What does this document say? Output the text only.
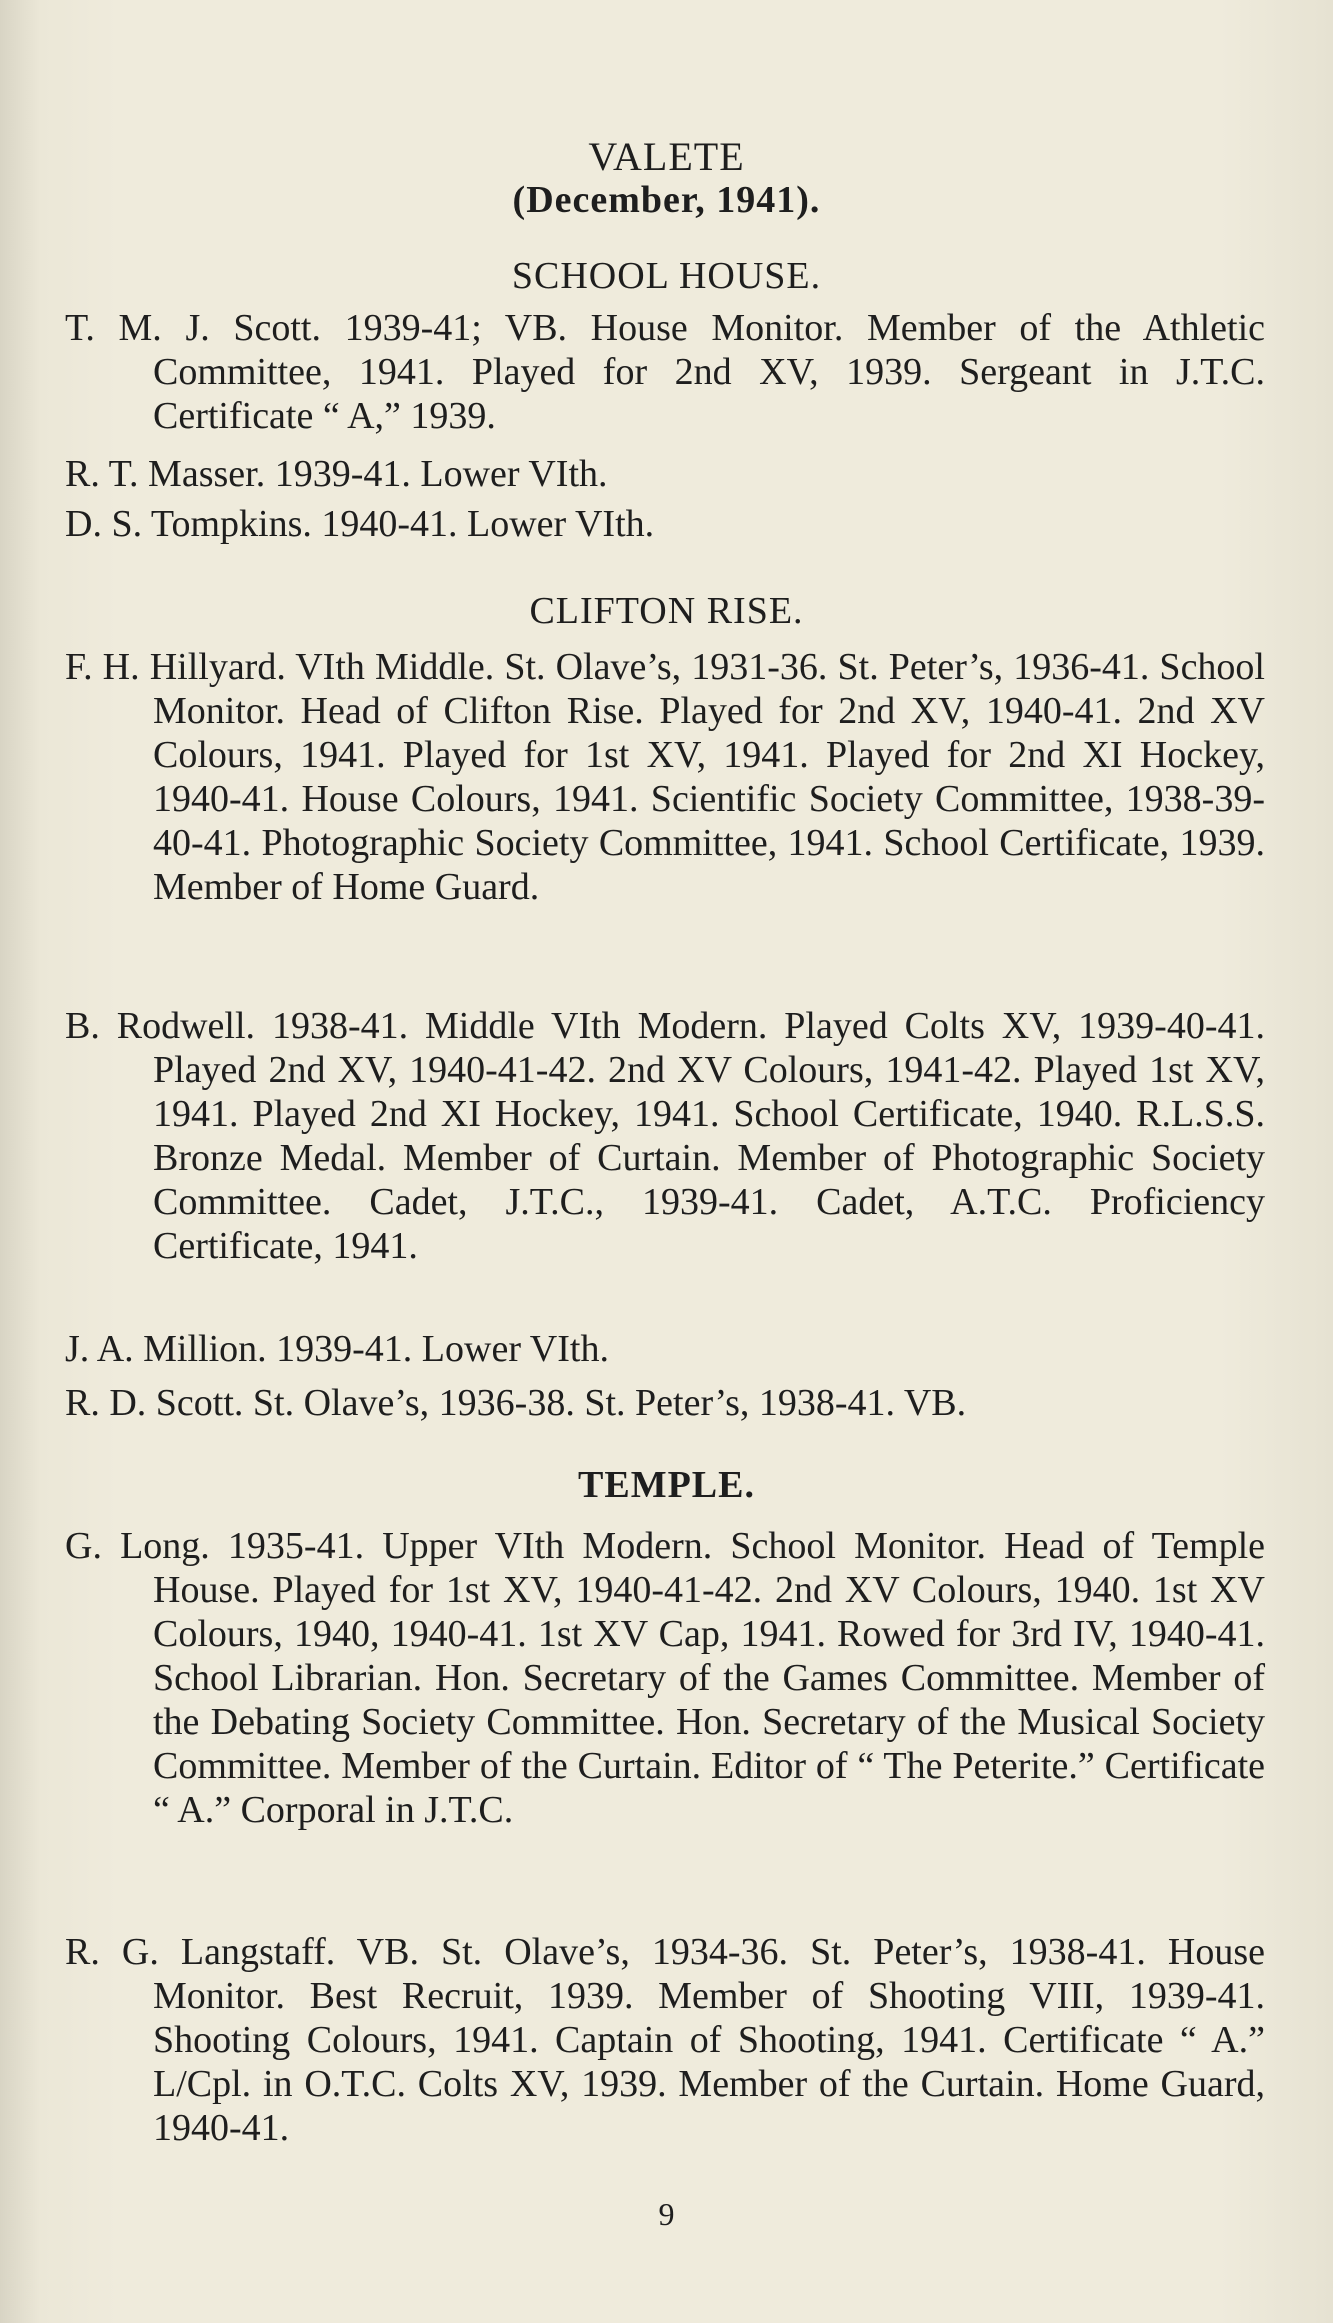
VALETE
(December, 1941).
SCHOOL HOUSE.
T. M. J. Scott. 1939-41; VB. House Monitor. Member of the Athletic Committee, 1941. Played for 2nd XV, 1939. Sergeant in J.T.C. Certificate “ A,” 1939.
R. T. Masser. 1939-41. Lower VIth.
D. S. Tompkins. 1940-41. Lower VIth.
CLIFTON RISE.
F. H. Hillyard. VIth Middle. St. Olave’s, 1931-36. St. Peter’s, 1936-41. School Monitor. Head of Clifton Rise. Played for 2nd XV, 1940-41. 2nd XV Colours, 1941. Played for 1st XV, 1941. Played for 2nd XI Hockey, 1940-41. House Colours, 1941. Scientific Society Committee, 1938-39-40-41. Photographic Society Committee, 1941. School Certificate, 1939. Member of Home Guard.
B. Rodwell. 1938-41. Middle VIth Modern. Played Colts XV, 1939-40-41. Played 2nd XV, 1940-41-42. 2nd XV Colours, 1941-42. Played 1st XV, 1941. Played 2nd XI Hockey, 1941. School Certificate, 1940. R.L.S.S. Bronze Medal. Member of Curtain. Member of Photographic Society Committee. Cadet, J.T.C., 1939-41. Cadet, A.T.C. Proficiency Certificate, 1941.
J. A. Million. 1939-41. Lower VIth.
R. D. Scott. St. Olave’s, 1936-38. St. Peter’s, 1938-41. VB.
TEMPLE.
G. Long. 1935-41. Upper VIth Modern. School Monitor. Head of Temple House. Played for 1st XV, 1940-41-42. 2nd XV Colours, 1940. 1st XV Colours, 1940, 1940-41. 1st XV Cap, 1941. Rowed for 3rd IV, 1940-41. School Librarian. Hon. Secretary of the Games Committee. Member of the Debating Society Committee. Hon. Secretary of the Musical Society Committee. Member of the Curtain. Editor of “ The Peterite.” Certificate “ A.” Corporal in J.T.C.
R. G. Langstaff. VB. St. Olave’s, 1934-36. St. Peter’s, 1938-41. House Monitor. Best Recruit, 1939. Member of Shooting VIII, 1939-41. Shooting Colours, 1941. Captain of Shooting, 1941. Certificate “ A.” L/Cpl. in O.T.C. Colts XV, 1939. Member of the Curtain. Home Guard, 1940-41.
9
